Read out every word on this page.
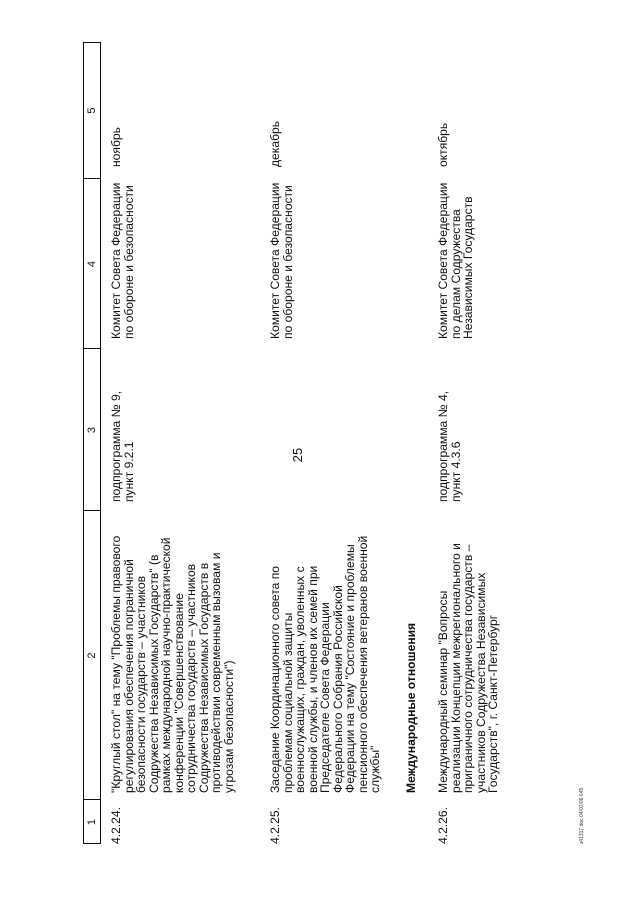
25
1
2
3
4
5
4.2.24.
"Круглый стол" на тему "Проблемы правового
регулирования обеспечения пограничной
безопасности государств – участников
Содружества Независимых Государств" (в
рамках международной научно-практической
конференции "Совершенствование
сотрудничества государств – участников
Содружества Независимых Государств в
противодействии современным вызовам и
угрозам безопасности")
подпрограмма № 9,
пункт 9.2.1
Комитет Совета Федерации
по обороне и безопасности
ноябрь
4.2.25.
Заседание Координационного совета по
проблемам социальной защиты
военнослужащих, граждан, уволенных с
военной службы, и членов их семей при
Председателе Совета Федерации
Федерального Собрания Российской
Федерации на тему "Состояние и проблемы
пенсионного обеспечения ветеранов военной
службы"
Комитет Совета Федерации
по обороне и безопасности
декабрь
Международные отношения
4.2.26.
Международный семинар "Вопросы
реализации Концепции межрегионального и
приграничного сотрудничества государств –
участников Содружества Независимых
Государств", г. Санкт-Петербург
подпрограмма № 4,
пункт 4.3.6
Комитет Совета Федерации
по делам Содружества
Независимых Государств
октябрь
з41317.doc 04/07/06 645
